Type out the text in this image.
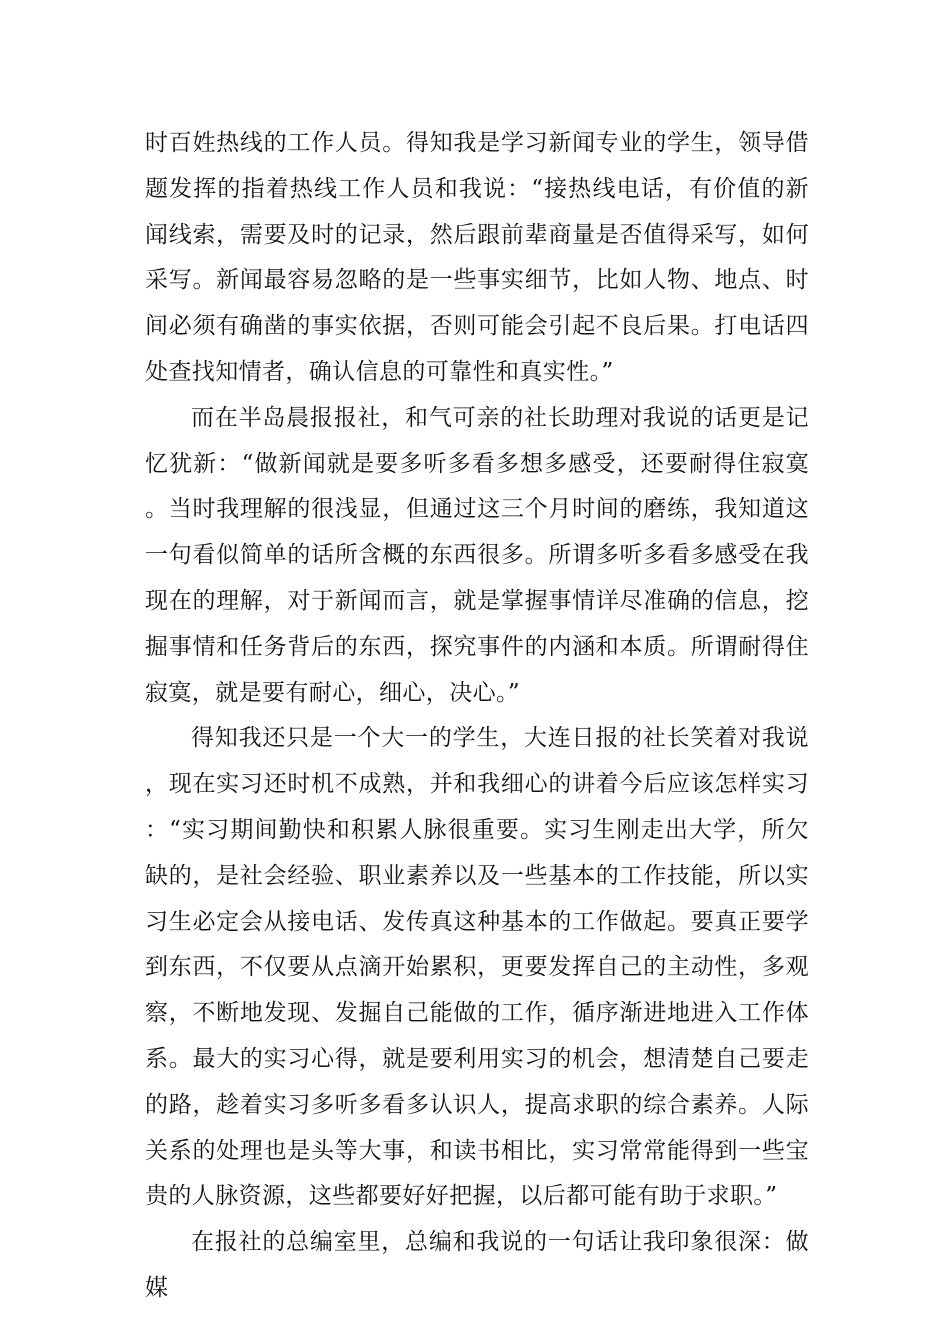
时百姓热线的工作人员。得知我是学习新闻专业的学生，领导借题发挥的指着热线工作人员和我说：“接热线电话，有价值的新闻线索，需要及时的记录，然后跟前辈商量是否值得采写，如何采写。新闻最容易忽略的是一些事实细节，比如人物、地点、时间必须有确凿的事实依据，否则可能会引起不良后果。打电话四处查找知情者，确认信息的可靠性和真实性。”

而在半岛晨报报社，和气可亲的社长助理对我说的话更是记忆犹新：“做新闻就是要多听多看多想多感受，还要耐得住寂寞。当时我理解的很浅显，但通过这三个月时间的磨练，我知道这一句看似简单的话所含概的东西很多。所谓多听多看多感受在我现在的理解，对于新闻而言，就是掌握事情详尽准确的信息，挖掘事情和任务背后的东西，探究事件的内涵和本质。所谓耐得住寂寞，就是要有耐心，细心，决心。”

得知我还只是一个大一的学生，大连日报的社长笑着对我说，现在实习还时机不成熟，并和我细心的讲着今后应该怎样实习：“实习期间勤快和积累人脉很重要。实习生刚走出大学，所欠缺的，是社会经验、职业素养以及一些基本的工作技能，所以实习生必定会从接电话、发传真这种基本的工作做起。要真正要学到东西，不仅要从点滴开始累积，更要发挥自己的主动性，多观察，不断地发现、发掘自己能做的工作，循序渐进地进入工作体系。最大的实习心得，就是要利用实习的机会，想清楚自己要走的路，趁着实习多听多看多认识人，提高求职的综合素养。人际关系的处理也是头等大事，和读书相比，实习常常能得到一些宝贵的人脉资源，这些都要好好把握，以后都可能有助于求职。”

在报社的总编室里，总编和我说的一句话让我印象很深：做媒
